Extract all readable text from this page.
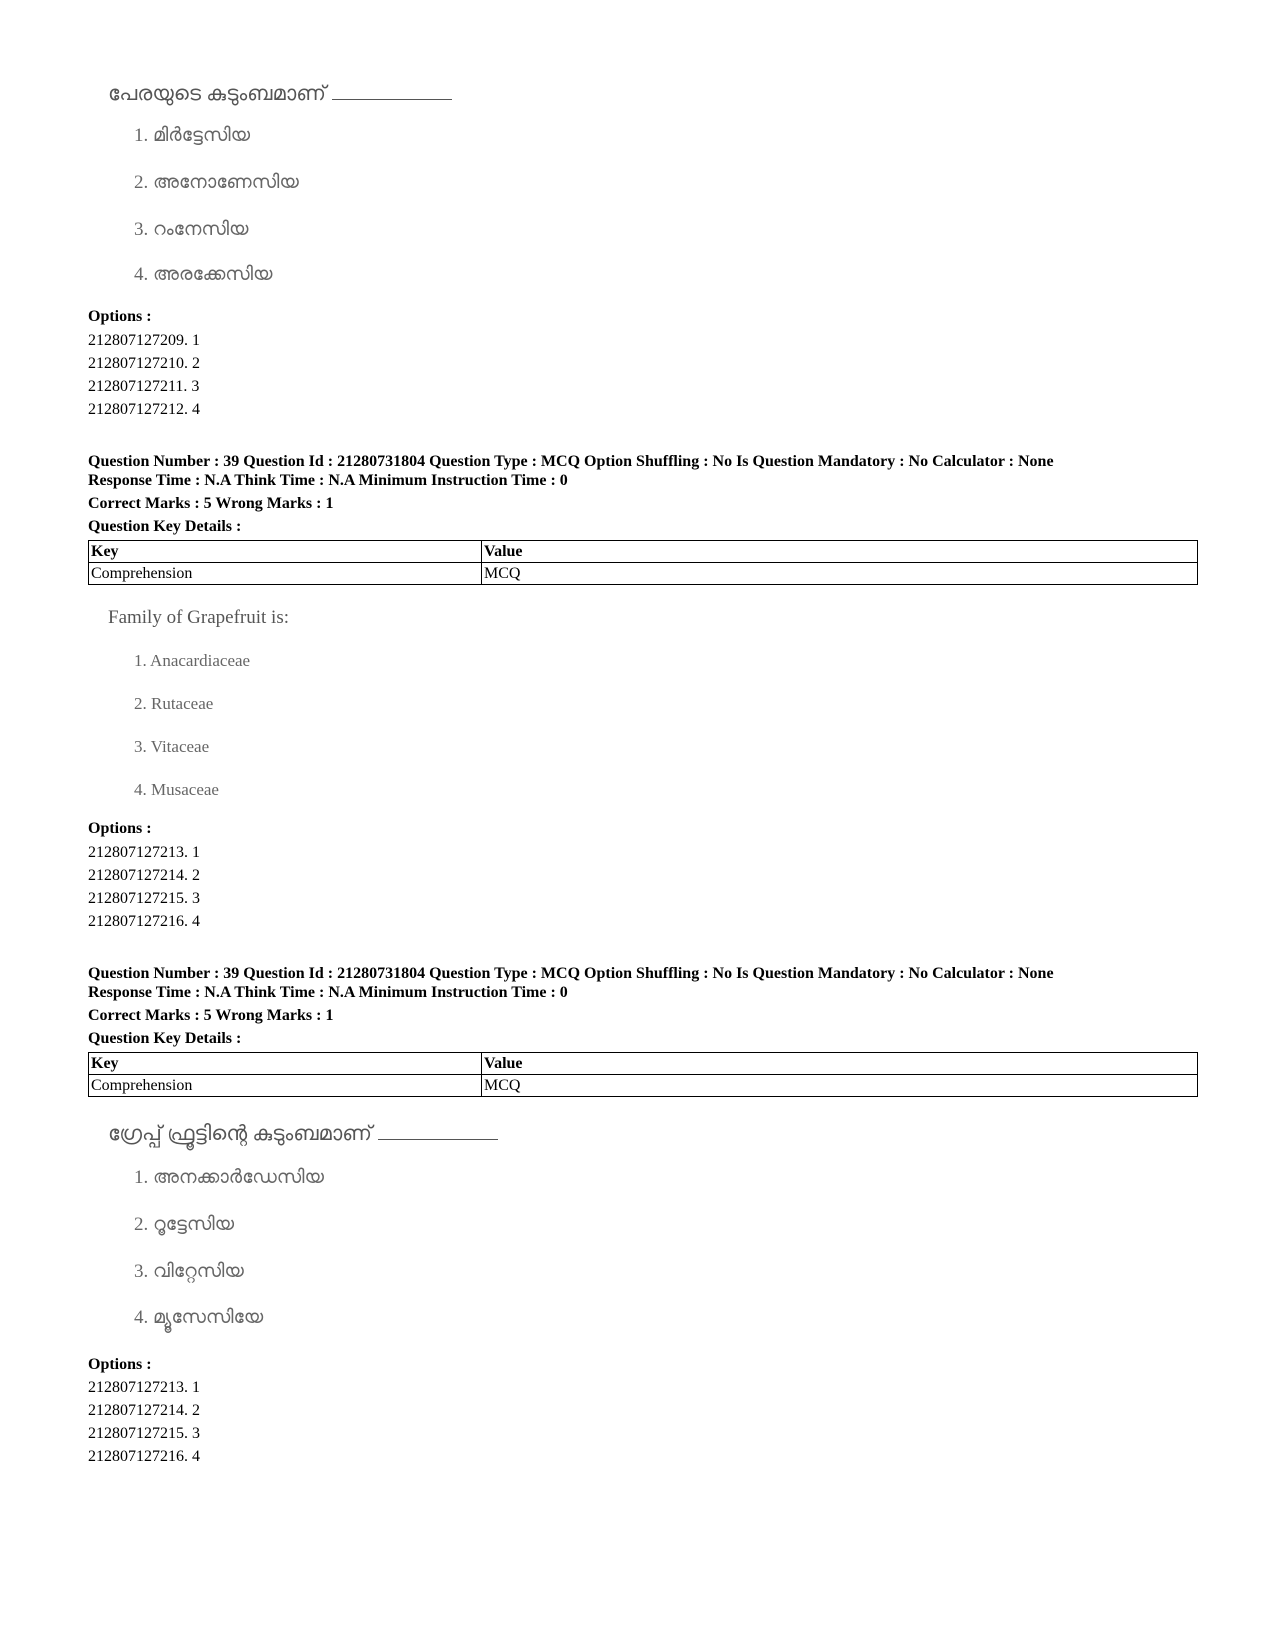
പേരയുടെ കുടുംബമാണ്
1. മിർട്ടേസിയ
2. അനോണേസിയ
3. റംനേസിയ
4. അരക്കേസിയ
Options :
212807127209. 1
212807127210. 2
212807127211. 3
212807127212. 4
Question Number : 39 Question Id : 21280731804 Question Type : MCQ Option Shuffling : No Is Question Mandatory : No Calculator : None
Response Time : N.A Think Time : N.A Minimum Instruction Time : 0
Correct Marks : 5 Wrong Marks : 1
Question Key Details :
Key	Value
Comprehension	MCQ
Family of Grapefruit is:
1. Anacardiaceae
2. Rutaceae
3. Vitaceae
4. Musaceae
Options :
212807127213. 1
212807127214. 2
212807127215. 3
212807127216. 4
Question Number : 39 Question Id : 21280731804 Question Type : MCQ Option Shuffling : No Is Question Mandatory : No Calculator : None
Response Time : N.A Think Time : N.A Minimum Instruction Time : 0
Correct Marks : 5 Wrong Marks : 1
Question Key Details :
Key	Value
Comprehension	MCQ
ഗ്രേപ്പ് ഫ്രൂട്ടിന്റെ കുടുംബമാണ്
1. അനക്കാർഡേസിയ
2. റൂട്ടേസിയ
3. വിറ്റേസിയ
4. മ്യൂസേസിയേ
Options :
212807127213. 1
212807127214. 2
212807127215. 3
212807127216. 4
